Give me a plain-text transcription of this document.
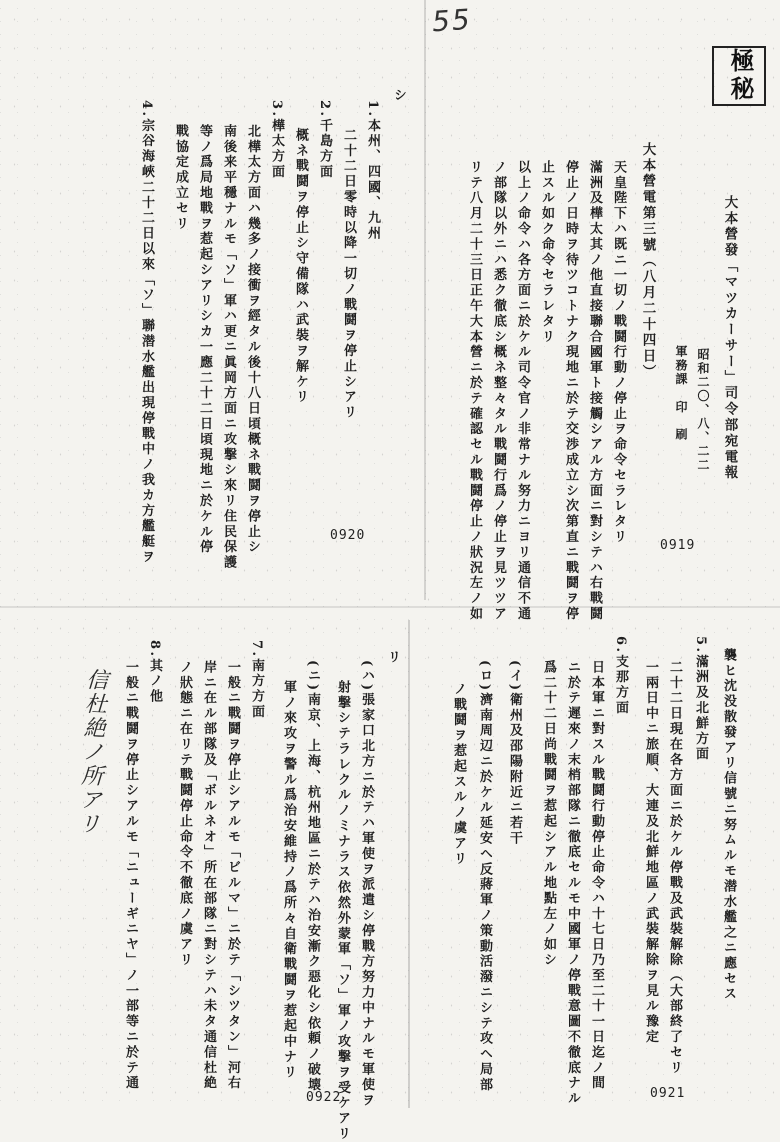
55
極秘
0920
0919
0922	0921
大本營發「マツカーサー」司令部宛電報
昭和二〇、八、二二
軍務課　印　刷
大本營電第三號（八月二十四日）
天皇陛下ハ既ニ一切ノ戰鬪行動ノ停止ヲ命令セラレタリ
滿洲及樺太其ノ他直接聯合國軍ト接觸シアル方面ニ對シテハ右戰鬪
停止ノ日時ヲ待ツコトナク現地ニ於テ交渉成立シ次第直ニ戰鬪ヲ停
止スル如ク命令セラレタリ
以上ノ命令ハ各方面ニ於ケル司令官ノ非常ナル努力ニヨリ通信不通
ノ部隊以外ニハ悉ク徹底シ概ネ整々タル戰鬪行爲ノ停止ヲ見ツツア
リテ八月二十三日正午大本營ニ於テ確認セル戰鬪停止ノ狀況左ノ如
シ
1.本州、四國、九州
二十二日零時以降一切ノ戰鬪ヲ停止シアリ
2.千島方面
概ネ戰鬪ヲ停止シ守備隊ハ武裝ヲ解ケリ
3.樺太方面
北樺太方面ハ幾多ノ接衝ヲ經タル後十八日頃概ネ戰鬪ヲ停止シ
南後来平穩ナルモ「ソ」軍ハ更ニ眞岡方面ニ攻撃シ來リ住民保護
等ノ爲局地戰ヲ惹起シアリシカ一應二十二日頃現地ニ於ケル停
戰協定成立セリ
4.宗谷海峽二十二日以來「ソ」聯潜水艦出現停戰中ノ我カ方艦艇ヲ
襲ヒ沈没散發アリ信號ニ努ムルモ潜水艦之ニ應セス
5.滿洲及北鮮方面
二十二日現在各方面ニ於ケル停戰及武裝解除（大部終了セリ
一兩日中ニ旅順、大連及北鮮地區ノ武裝解除ヲ見ル豫定
6.支那方面
日本軍ニ對スル戰鬪行動停止命令ハ十七日乃至二十一日迄ノ間
ニ於テ遲來ノ末梢部隊ニ徹底セルモ中國軍ノ停戰意圖不徹底ナル
爲二十二日尚戰鬪ヲ惹起シアル地點左ノ如シ
(イ)衛州及邵陽附近ニ若干
(ロ)濟南周辺ニ於ケル延安ヘ反蔣軍ノ策動活潑ニシテ攻ヘ局部
ノ戰鬪ヲ惹起スルノ虞アリ
リ
(ハ)張家口北方ニ於テハ軍使ヲ派遣シ停戰方努力中ナルモ軍使ヲ
射撃シテラレクルノミナラス依然外蒙軍「ソ」軍ノ攻撃ヲ受ケアリ
(ニ)南京、上海、杭州地區ニ於テハ治安漸ク惡化シ依頼ノ破壊
軍ノ來攻ヲ警ル爲治安維持ノ爲所々自衛戰鬪ヲ惹起中ナリ
7.南方方面
一般ニ戰鬪ヲ停止シアルモ「ビルマ」ニ於テ「シツタン」河右
岸ニ在ル部隊及「ボルネオ」所在部隊ニ對シテハ未タ通信杜絶
ノ狀態ニ在リテ戰鬪停止命令不徹底ノ虞アリ
8.其ノ他
一般ニ戰鬪ヲ停止シアルモ「ニューギニヤ」ノ一部等ニ於テ通
信杜絶ノ所アリ
